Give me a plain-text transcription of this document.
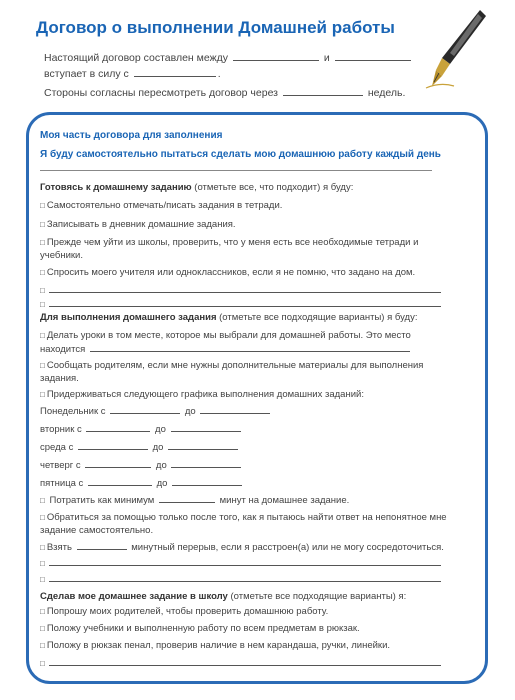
Договор о выполнении Домашней работы
Настоящий договор составлен между	и
вступает в силу с	.
Стороны согласны пересмотреть договор через	недель.
Моя часть договора для заполнения
Я буду самостоятельно пытаться сделать мою домашнюю работу каждый день
Готовясь к домашнему заданию (отметьте все, что подходит) я буду:
□ Самостоятельно отмечать/писать задания в тетради.
□ Записывать в дневник домашние задания.
□ Прежде чем уйти из школы, проверить, что у меня есть все необходимые тетради и учебники.
□ Спросить моего учителя или одноклассников, если я не помню, что задано на дом.
□
□
Для выполнения домашнего задания (отметьте все подходящие варианты) я буду:
□ Делать уроки в том месте, которое мы выбрали для домашней работы. Это место находится
□ Сообщать родителям, если мне нужны дополнительные материалы для выполнения задания.
□ Придерживаться следующего графика выполнения домашних заданий:
Понедельник с	до
вторник с	до
среда с	до
четверг с	до
пятница с	до
□ Потратить как минимум	минут на домашнее задание.
□ Обратиться за помощью только после того, как я пытаюсь найти ответ на непонятное мне задание самостоятельно.
□ Взять	минутный перерыв, если я расстроен(а) или не могу сосредоточиться.
□
□
Сделав мое домашнее задание в школу (отметьте все подходящие варианты) я:
□ Попрошу моих родителей, чтобы проверить домашнюю работу.
□ Положу учебники и выполненную работу по всем предметам в рюкзак.
□ Положу в рюкзак пенал, проверив наличие в нем карандаша, ручки, линейки.
□
